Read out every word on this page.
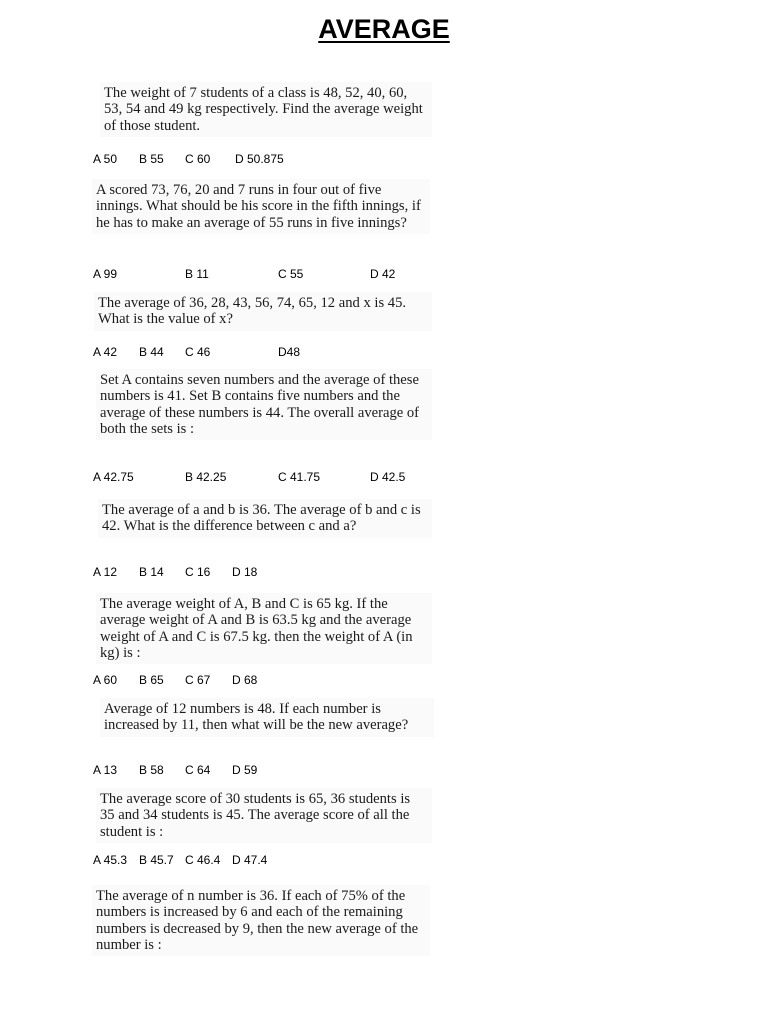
AVERAGE
The weight of 7 students of a class is 48, 52, 40, 60, 53, 54 and 49 kg respectively. Find the average weight of those student.
A 50 B 55 C 60 D 50.875
A scored 73, 76, 20 and 7 runs in four out of five innings. What should be his score in the fifth innings, if he has to make an average of 55 runs in five innings?
A 99	B 11	C 55	D 42
The average of 36, 28, 43, 56, 74, 65, 12 and x is 45. What is the value of x?
A 42 B 44 C 46	D48
Set A contains seven numbers and the average of these numbers is 41. Set B contains five numbers and the average of these numbers is 44. The overall average of both the sets is :
A 42.75	B 42.25	C 41.75	D 42.5
The average of a and b is 36. The average of b and c is 42. What is the difference between c and a?
A 12 B 14 C 16 D 18
The average weight of A, B and C is 65 kg. If the average weight of A and B is 63.5 kg and the average weight of A and C is 67.5 kg. then the weight of A (in kg) is :
A 60 B 65 C 67 D 68
Average of 12 numbers is 48. If each number is increased by 11, then what will be the new average?
A 13 B 58 C 64 D 59
The average score of 30 students is 65, 36 students is 35 and 34 students is 45. The average score of all the student is :
A 45.3 B 45.7 C 46.4 D 47.4
The average of n number is 36. If each of 75% of the numbers is increased by 6 and each of the remaining numbers is decreased by 9, then the new average of the number is :
